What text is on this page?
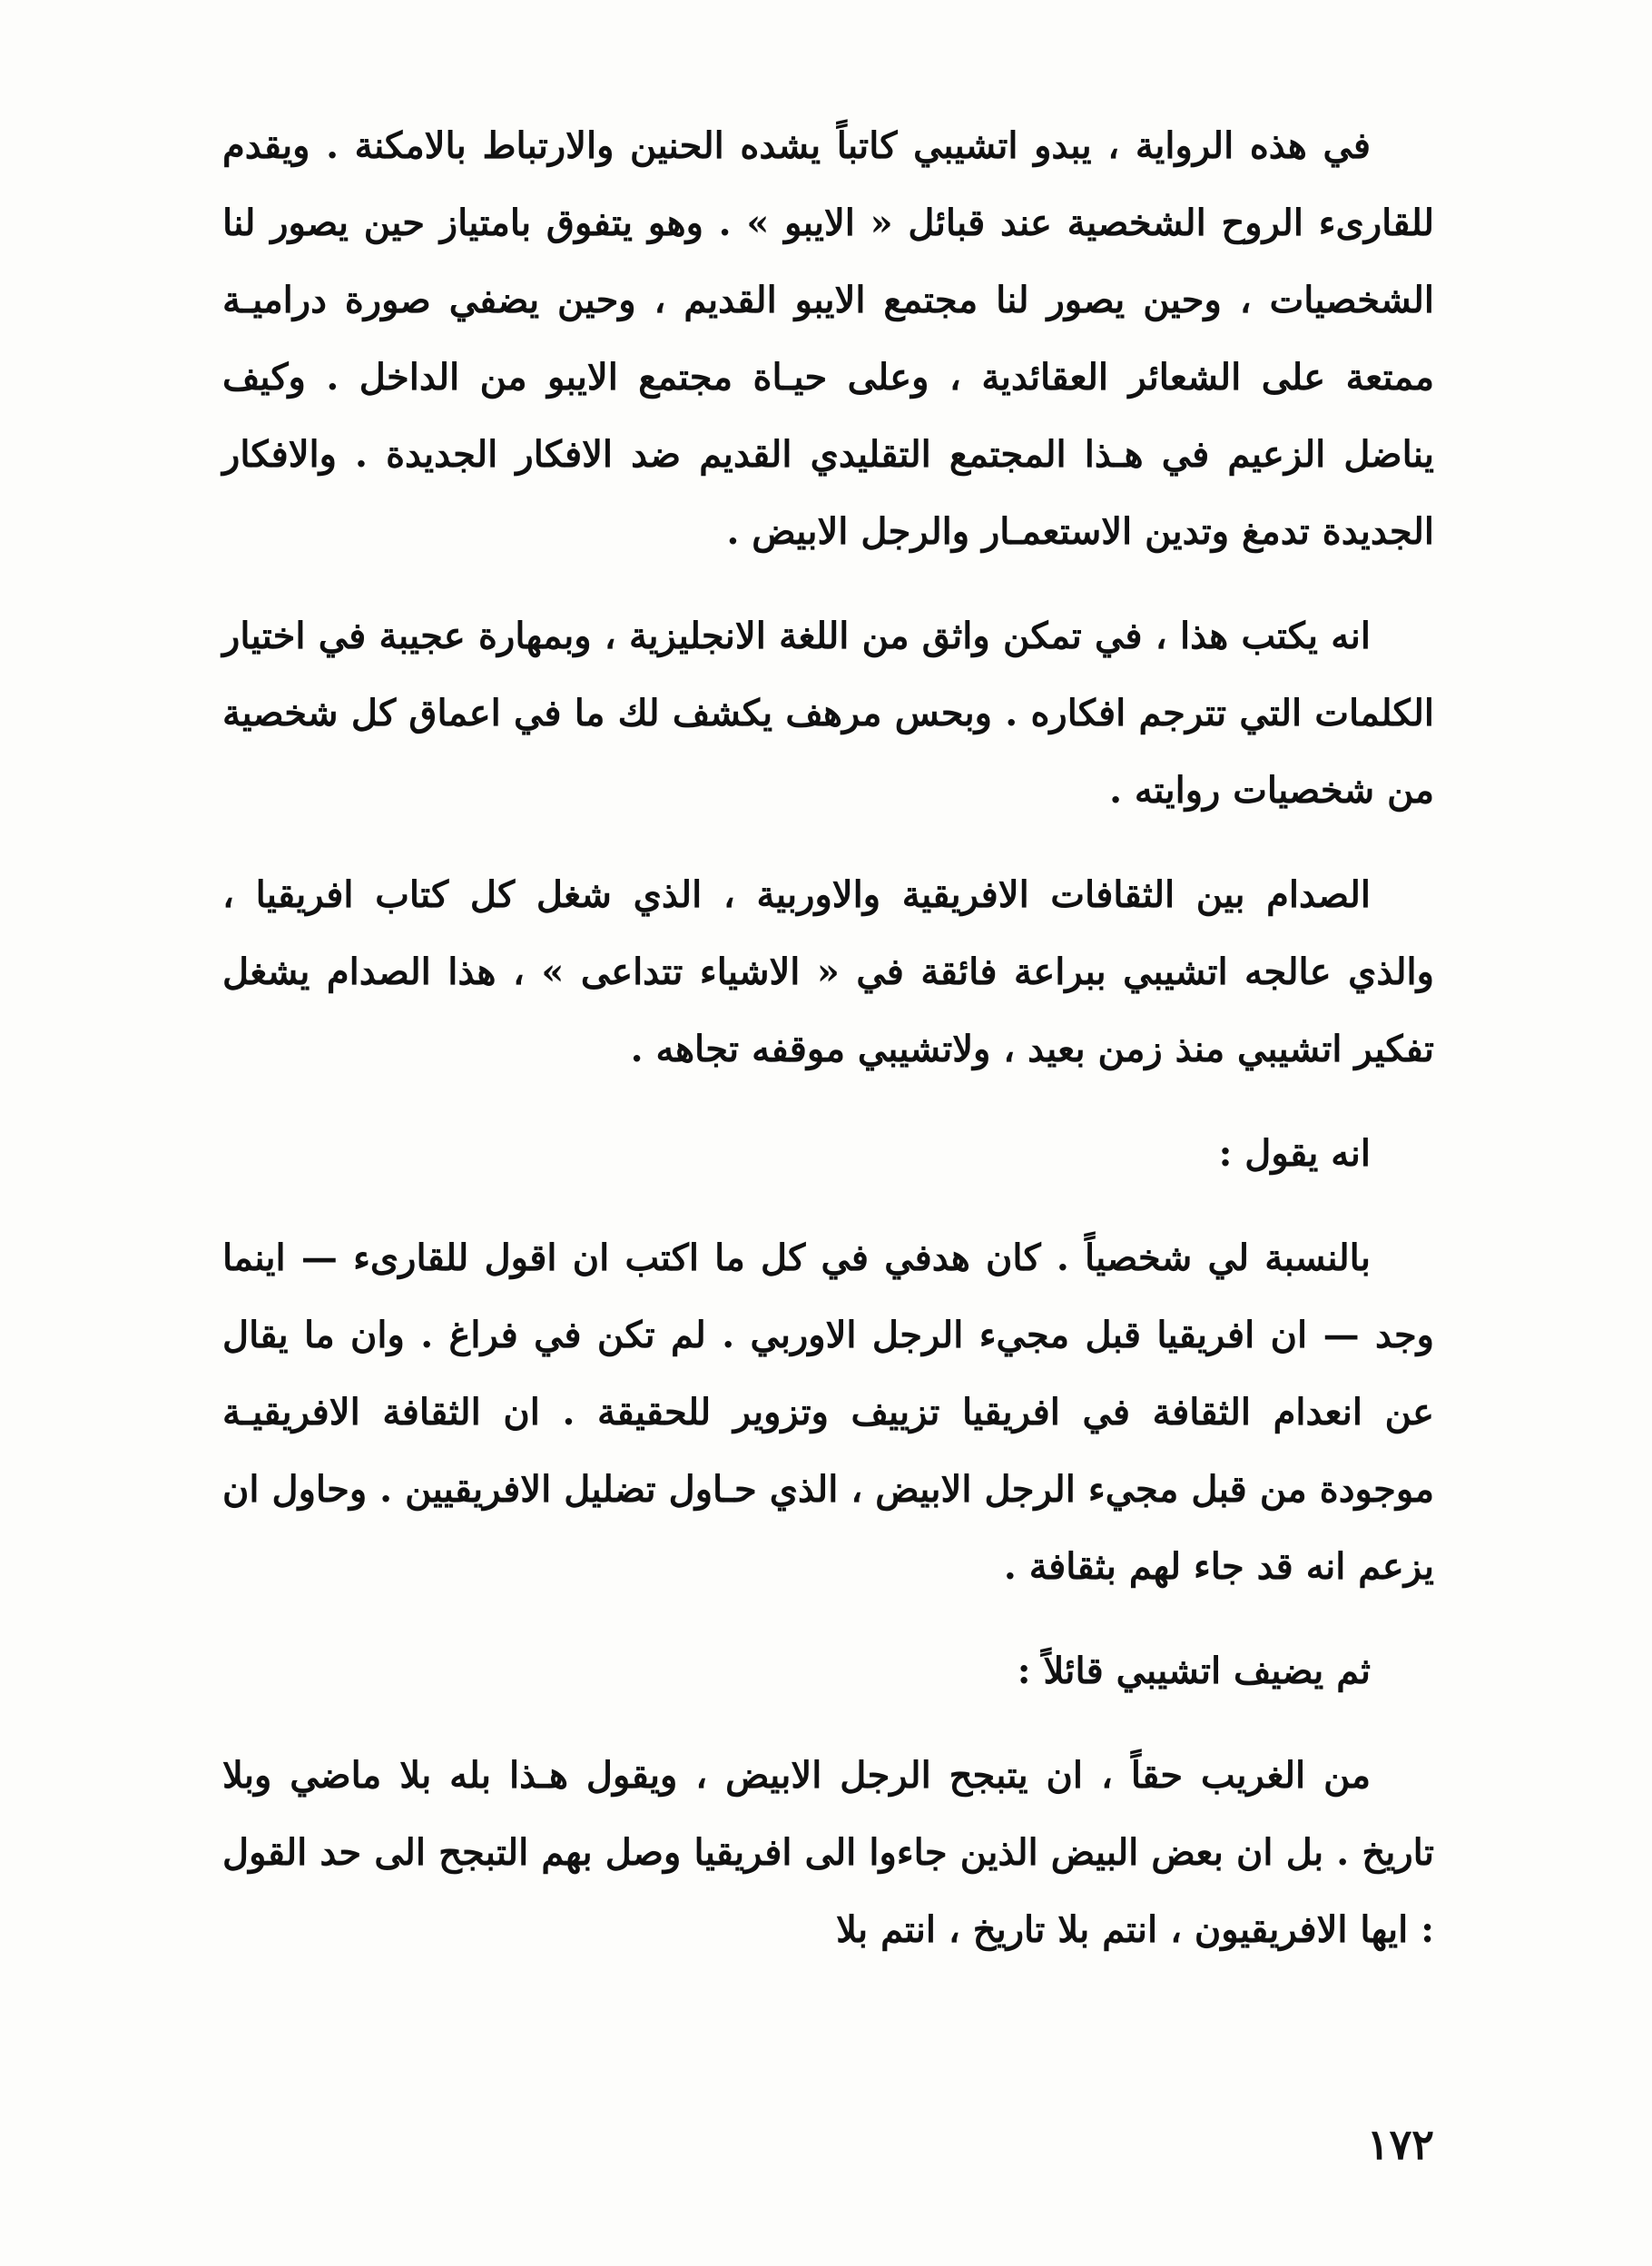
في هذه الرواية ، يبدو اتشيبي كاتباً يشده الحنين والارتباط بالامكنة . ويقدم للقارىء الروح الشخصية عند قبائل « الايبو » . وهو يتفوق بامتياز حين يصور لنا الشخصيات ، وحين يصور لنا مجتمع الايبو القديم ، وحين يضفي صورة دراميـة ممتعة على الشعائر العقائدية ، وعلى حيـاة مجتمع الايبو من الداخل . وكيف يناضل الزعيم في هـذا المجتمع التقليدي القديم ضد الافكار الجديدة . والافكار الجديدة تدمغ وتدين الاستعمـار والرجل الابيض .

انه يكتب هذا ، في تمكن واثق من اللغة الانجليزية ، وبمهارة عجيبة في اختيار الكلمات التي تترجم افكاره . وبحس مرهف يكشف لك ما في اعماق كل شخصية من شخصيات روايته .

الصدام بين الثقافات الافريقية والاوربية ، الذي شغل كل كتاب افريقيا ، والذي عالجه اتشيبي ببراعة فائقة في « الاشياء تتداعى » ، هذا الصدام يشغل تفكير اتشيبي منذ زمن بعيد ، ولاتشيبي موقفه تجاهه .

انه يقول :

بالنسبة لي شخصياً . كان هدفي في كل ما اكتب ان اقول للقارىء — اينما وجد — ان افريقيا قبل مجيء الرجل الاوربي . لم تكن في فراغ . وان ما يقال عن انعدام الثقافة في افريقيا تزييف وتزوير للحقيقة . ان الثقافة الافريقيـة موجودة من قبل مجيء الرجل الابيض ، الذي حـاول تضليل الافريقيين . وحاول ان يزعم انه قد جاء لهم بثقافة .

ثم يضيف اتشيبي قائلاً :

من الغريب حقاً ، ان يتبجح الرجل الابيض ، ويقول هـذا بله بلا ماضي وبلا تاريخ . بل ان بعض البيض الذين جاءوا الى افريقيا وصل بهم التبجح الى حد القول : ايها الافريقيون ، انتم بلا تاريخ ، انتم بلا

١٧٢
